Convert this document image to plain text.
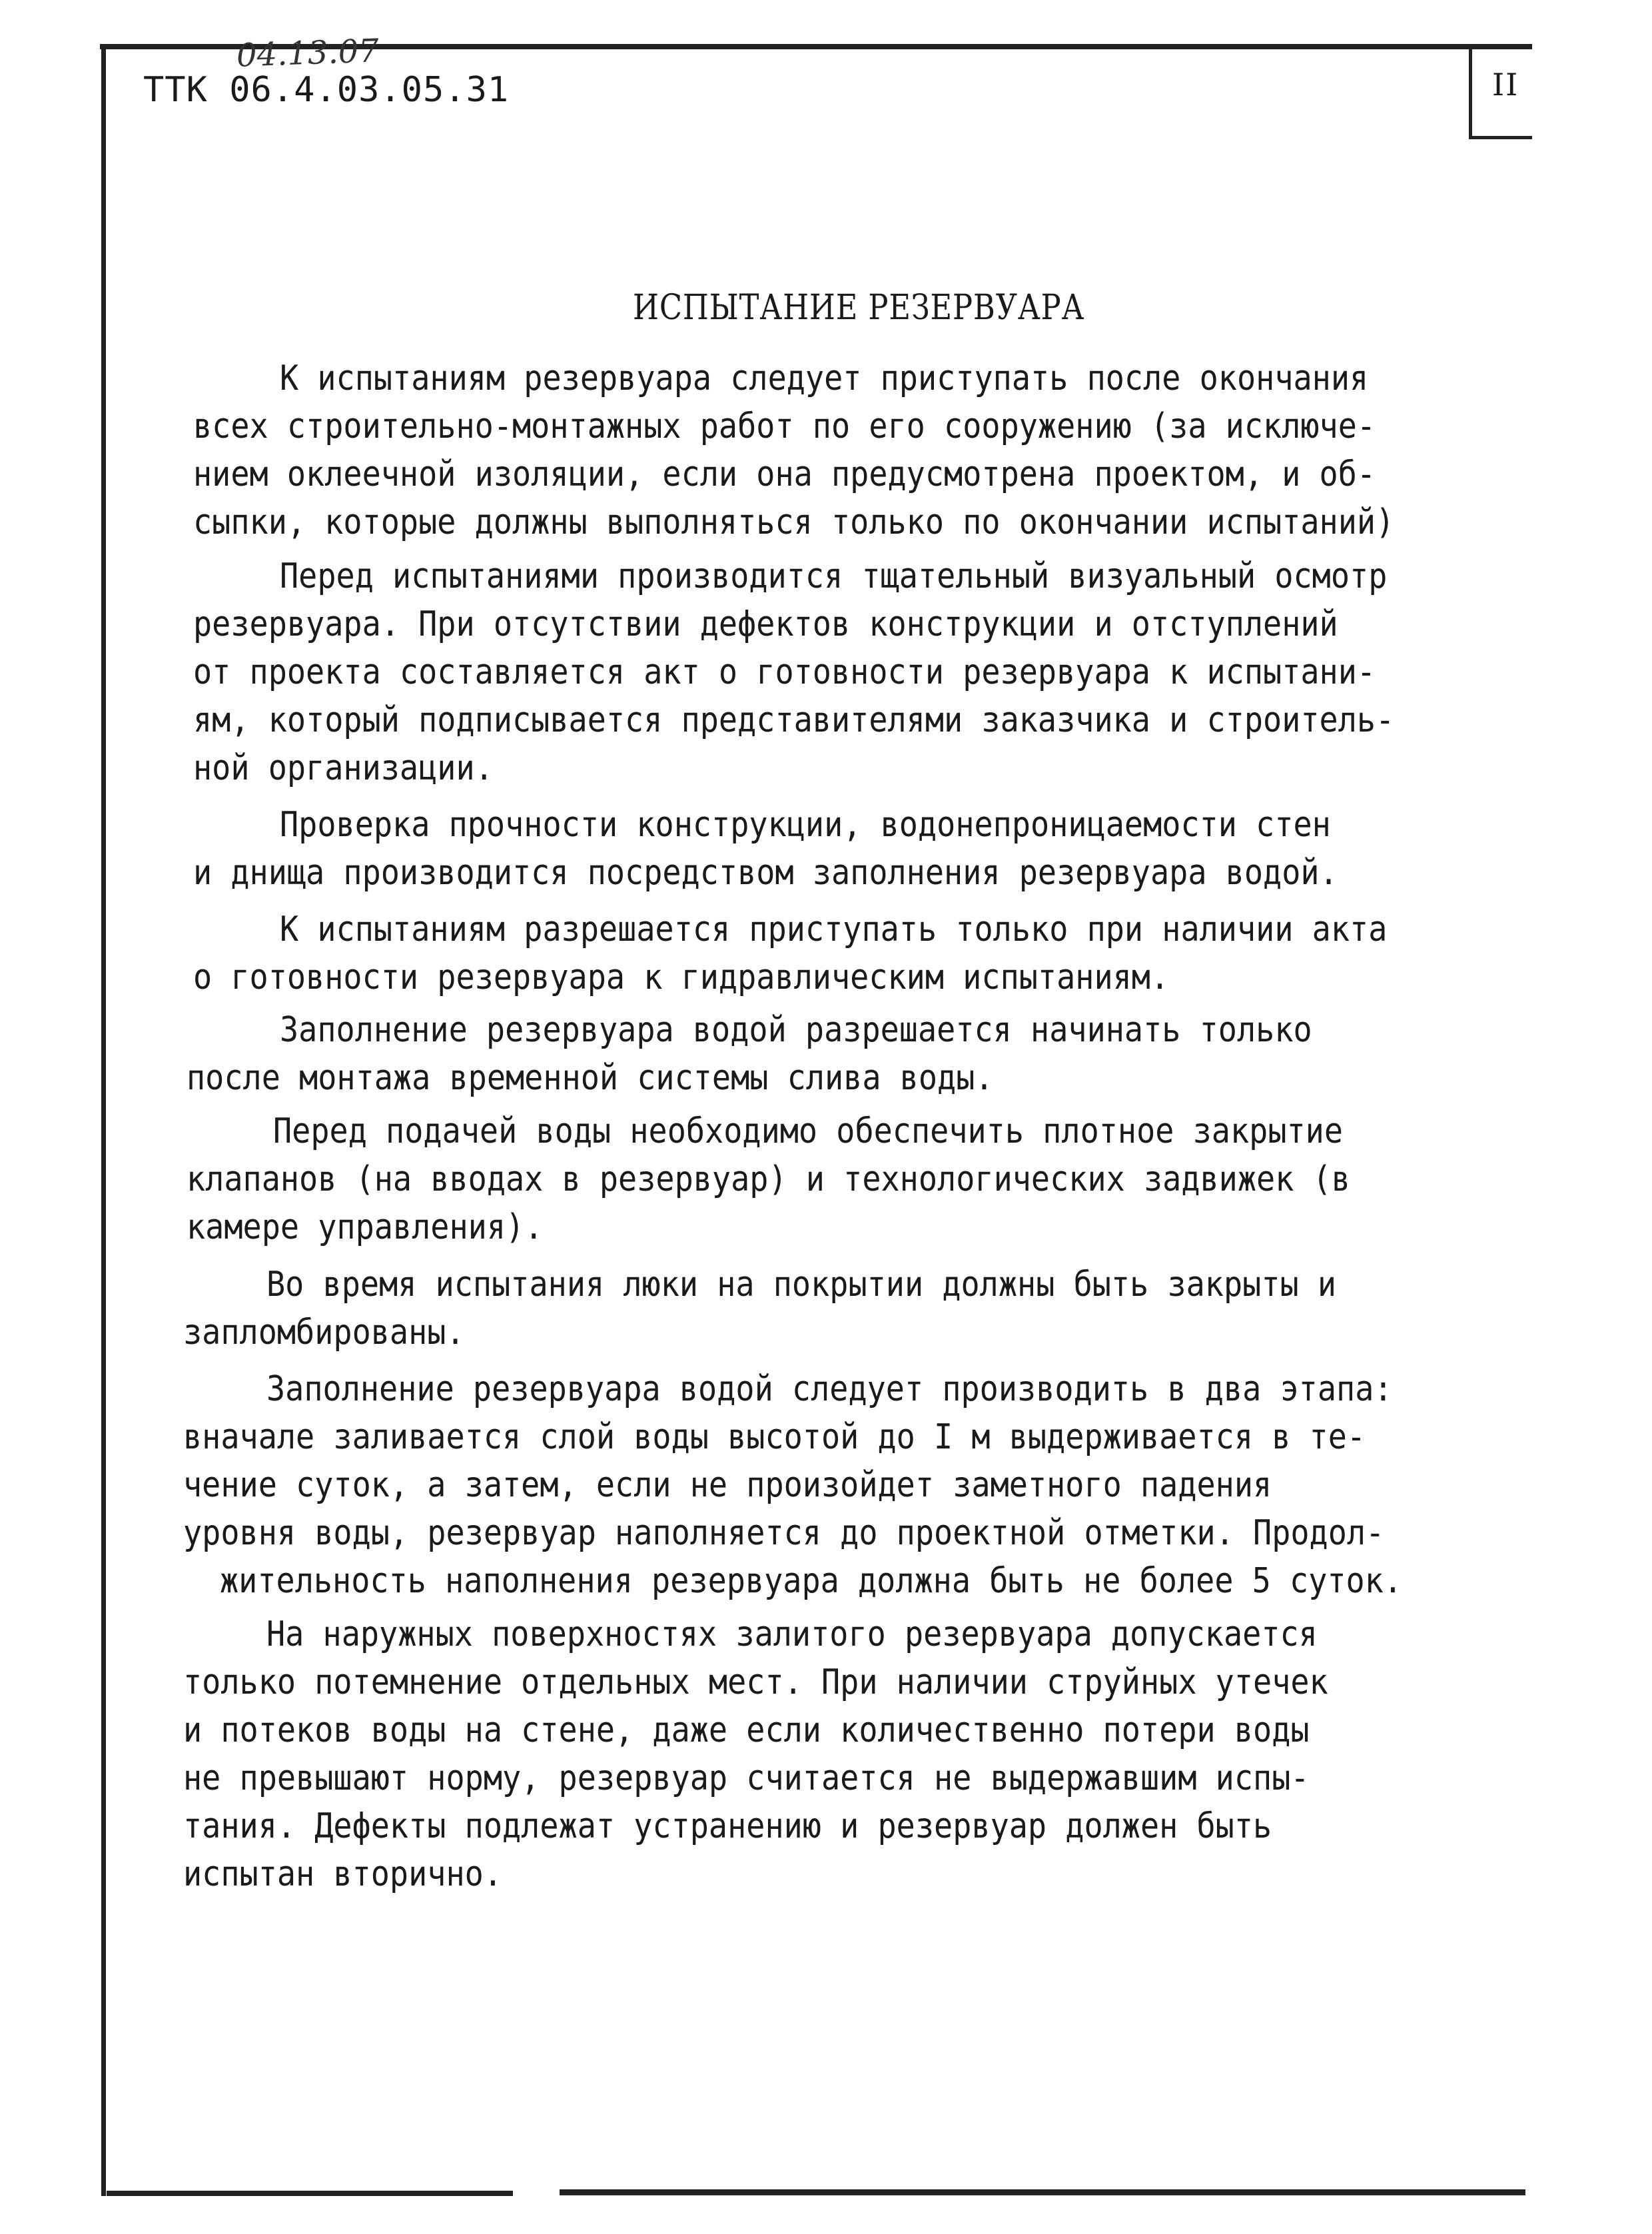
04.13.07
ТТК 06.4.03.05.31	II
ИСПЫТАНИЕ РЕЗЕРВУАРА
К испытаниям резервуара следует приступать после окончания
всех строительно-монтажных работ по его сооружению (за исключе-
нием оклеечной изоляции, если она предусмотрена проектом, и об-
сыпки, которые должны выполняться только по окончании испытаний)
Перед испытаниями производится тщательный визуальный осмотр
резервуара. При отсутствии дефектов конструкции и отступлений
от проекта составляется акт о готовности резервуара к испытани-
ям, который подписывается представителями заказчика и строитель-
ной организации.
Проверка прочности конструкции, водонепроницаемости стен
и днища производится посредством заполнения резервуара водой.
К испытаниям разрешается приступать только при наличии акта
о готовности резервуара к гидравлическим испытаниям.
Заполнение резервуара водой разрешается начинать только
после монтажа временной системы слива воды.
Перед подачей воды необходимо обеспечить плотное закрытие
клапанов (на вводах в резервуар) и технологических задвижек (в
камере управления).
Во время испытания люки на покрытии должны быть закрыты и
запломбированы.
Заполнение резервуара водой следует производить в два этапа:
вначале заливается слой воды высотой до I м выдерживается в те-
чение суток, а затем, если не произойдет заметного падения
уровня воды, резервуар наполняется до проектной отметки. Продол-
жительность наполнения резервуара должна быть не более 5 суток.
На наружных поверхностях залитого резервуара допускается
только потемнение отдельных мест. При наличии струйных утечек
и потеков воды на стене, даже если количественно потери воды
не превышают норму, резервуар считается не выдержавшим испы-
тания. Дефекты подлежат устранению и резервуар должен быть
испытан вторично.
